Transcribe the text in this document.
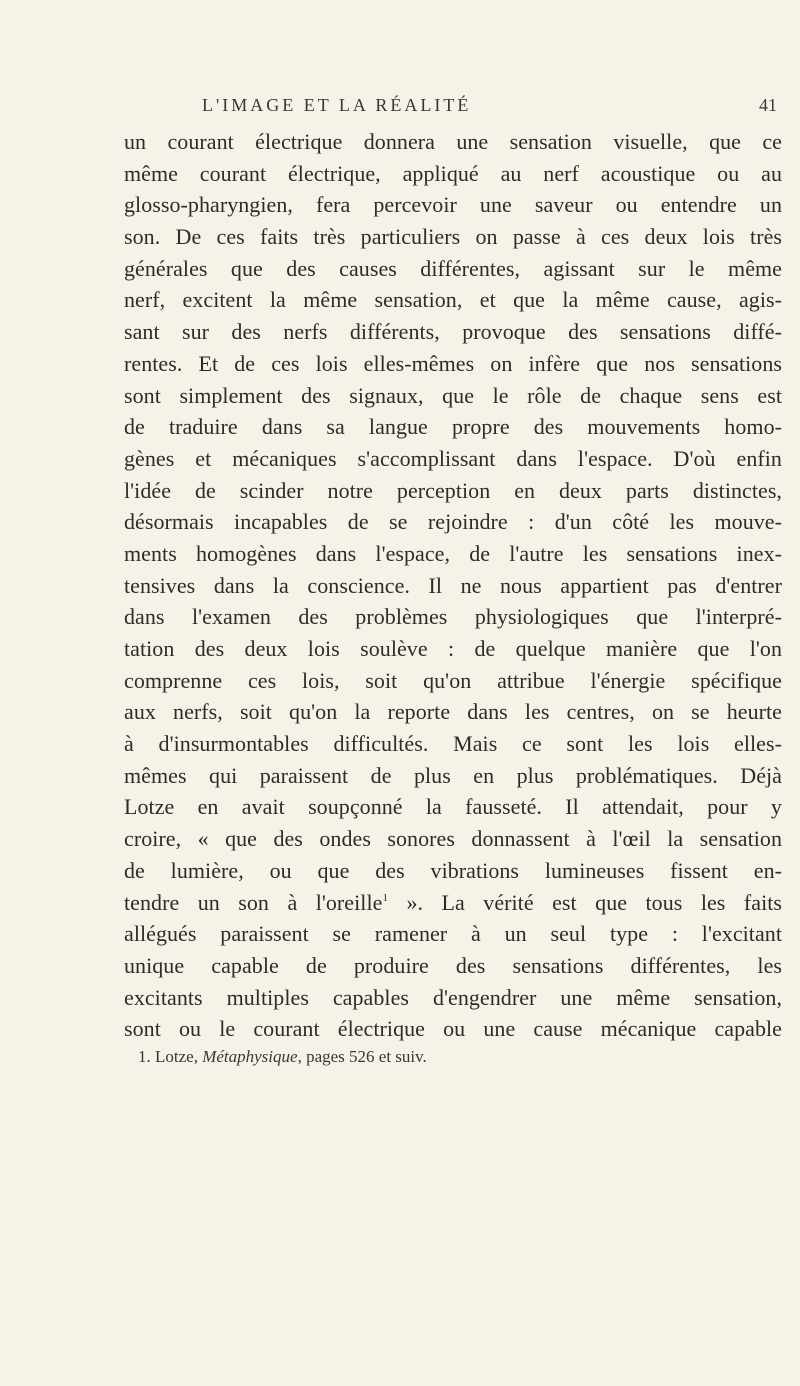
L'IMAGE ET LA RÉALITÉ	41
un courant électrique donnera une sensation visuelle, que ce
même courant électrique, appliqué au nerf acoustique ou au
glosso-pharyngien, fera percevoir une saveur ou entendre un
son. De ces faits très particuliers on passe à ces deux lois très
générales que des causes différentes, agissant sur le même
nerf, excitent la même sensation, et que la même cause, agis-
sant sur des nerfs différents, provoque des sensations diffé-
rentes. Et de ces lois elles-mêmes on infère que nos sensations
sont simplement des signaux, que le rôle de chaque sens est
de traduire dans sa langue propre des mouvements homo-
gènes et mécaniques s'accomplissant dans l'espace. D'où enfin
l'idée de scinder notre perception en deux parts distinctes,
désormais incapables de se rejoindre : d'un côté les mouve-
ments homogènes dans l'espace, de l'autre les sensations inex-
tensives dans la conscience. Il ne nous appartient pas d'entrer
dans l'examen des problèmes physiologiques que l'interpré-
tation des deux lois soulève : de quelque manière que l'on
comprenne ces lois, soit qu'on attribue l'énergie spécifique
aux nerfs, soit qu'on la reporte dans les centres, on se heurte
à d'insurmontables difficultés. Mais ce sont les lois elles-
mêmes qui paraissent de plus en plus problématiques. Déjà
Lotze en avait soupçonné la fausseté. Il attendait, pour y
croire, « que des ondes sonores donnassent à l'œil la sensation
de lumière, ou que des vibrations lumineuses fissent en-
tendre un son à l'oreille$^1$ ». La vérité est que tous les faits
allégués paraissent se ramener à un seul type : l'excitant
unique capable de produire des sensations différentes, les
excitants multiples capables d'engendrer une même sensation,
sont ou le courant électrique ou une cause mécanique capable
1. Lotze, Métaphysique, pages 526 et suiv.
